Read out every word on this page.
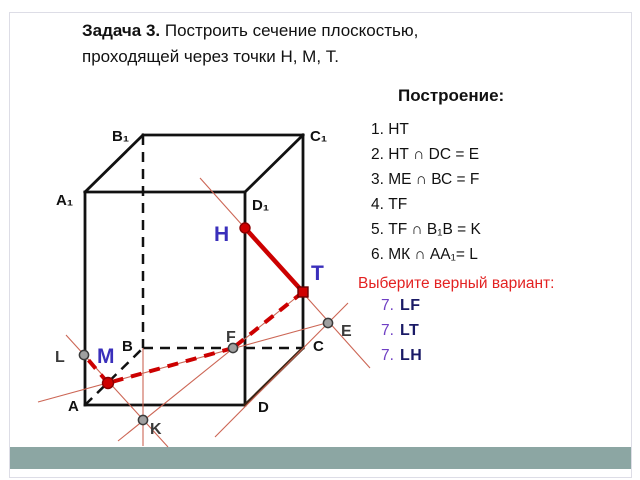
Задача 3. Построить сечение плоскостью,
проходящей через точки Н, М, Т.
Построение:
1. НТ
2. НТ ∩ DC = E
3. МЕ ∩ ВС = F
4. ТF
5. ТF ∩ В₁В = K
6. МК ∩ АА₁= L
Выберите верный вариант:
7. LF
7. LT
7. LH
A₁
B₁	C₁
D₁
A
B	C
D
H
T
M
L
E
F
K
